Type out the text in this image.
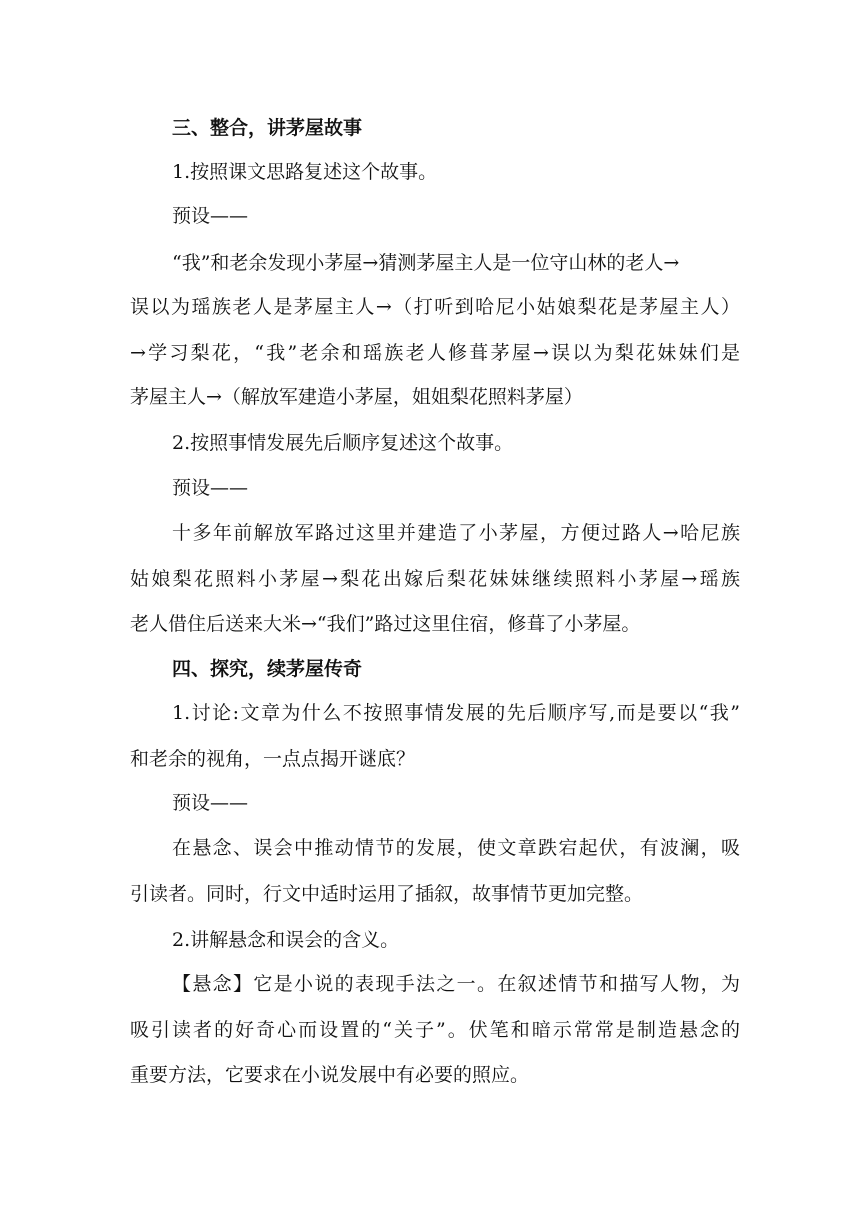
三、整合，讲茅屋故事
1.按照课文思路复述这个故事。
预设——
“我”和老余发现小茅屋→猜测茅屋主人是一位守山林的老人→
误以为瑶族老人是茅屋主人→（打听到哈尼小姑娘梨花是茅屋主人）
→学习梨花，“我”老余和瑶族老人修葺茅屋→误以为梨花妹妹们是
茅屋主人→（解放军建造小茅屋，姐姐梨花照料茅屋）
2.按照事情发展先后顺序复述这个故事。
预设——
十多年前解放军路过这里并建造了小茅屋，方便过路人→哈尼族
姑娘梨花照料小茅屋→梨花出嫁后梨花妹妹继续照料小茅屋→瑶族
老人借住后送来大米→“我们”路过这里住宿，修葺了小茅屋。
四、探究，续茅屋传奇
1.讨论:文章为什么不按照事情发展的先后顺序写,而是要以“我”
和老余的视角，一点点揭开谜底？
预设——
在悬念、误会中推动情节的发展，使文章跌宕起伏，有波澜，吸
引读者。同时，行文中适时运用了插叙，故事情节更加完整。
2.讲解悬念和误会的含义。
【悬念】它是小说的表现手法之一。在叙述情节和描写人物，为
吸引读者的好奇心而设置的“关子”。伏笔和暗示常常是制造悬念的
重要方法，它要求在小说发展中有必要的照应。
